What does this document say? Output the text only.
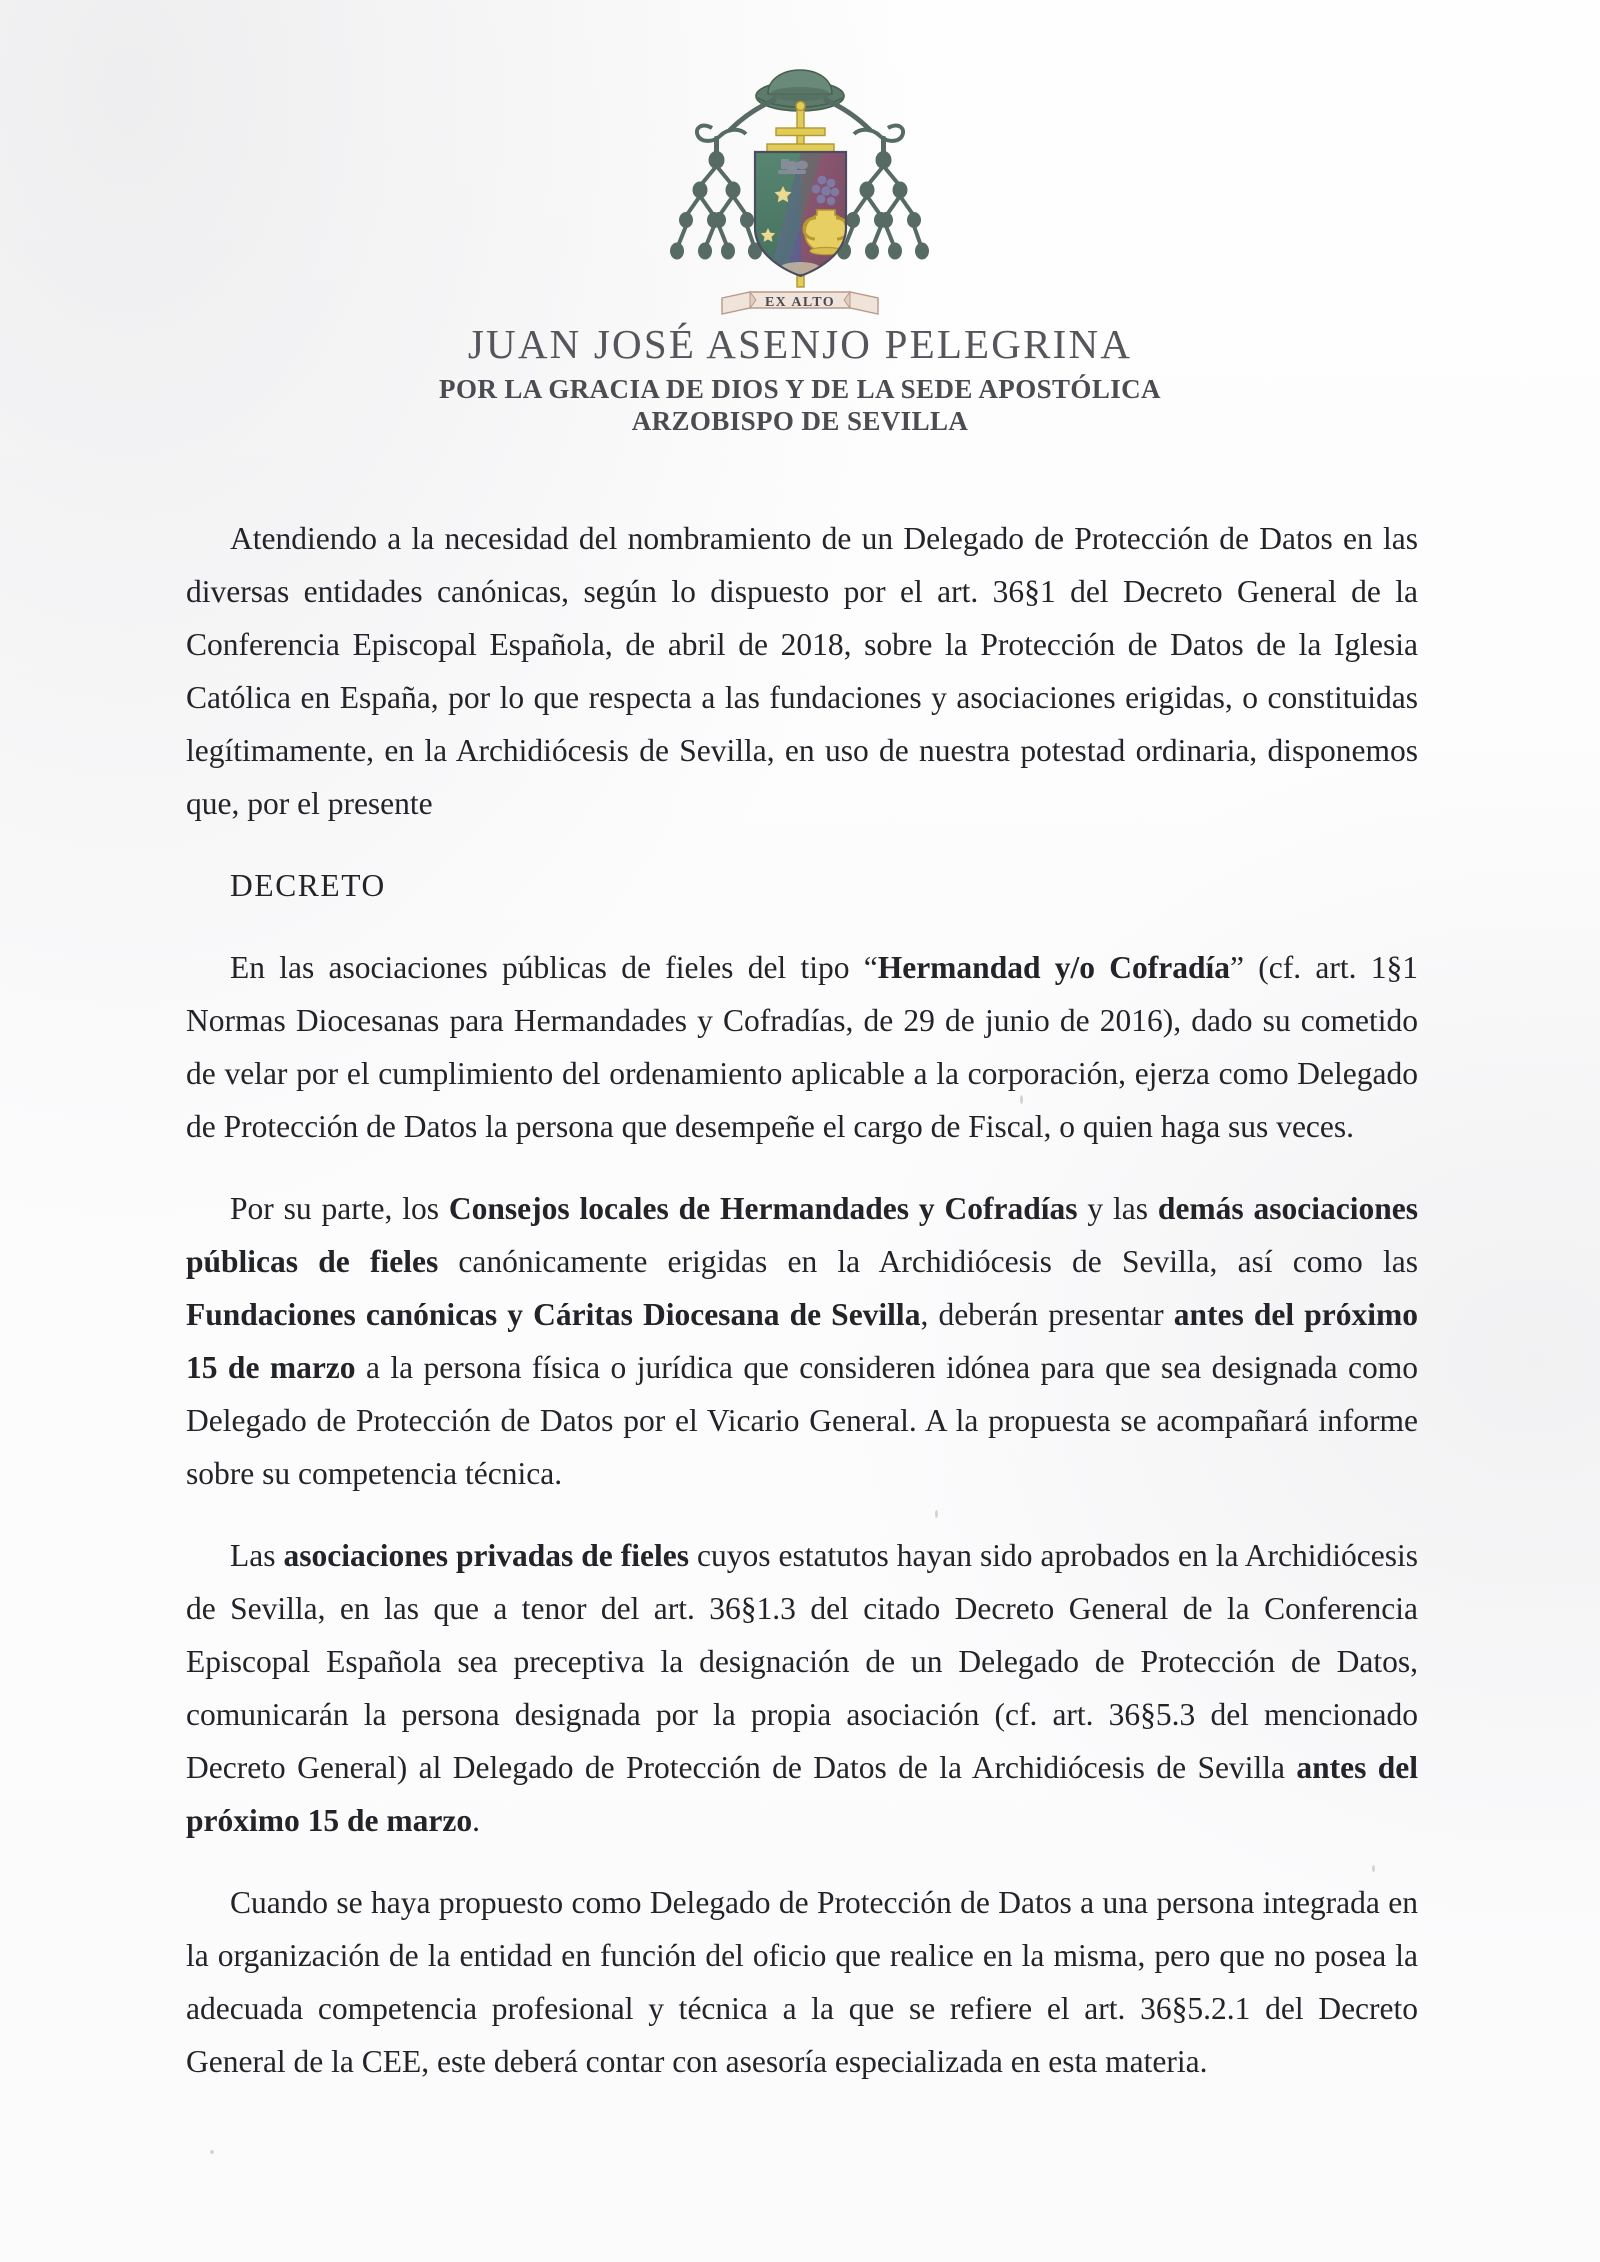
EX ALTO
JUAN JOSÉ ASENJO PELEGRINA
POR LA GRACIA DE DIOS Y DE LA SEDE APOSTÓLICA
ARZOBISPO DE SEVILLA

Atendiendo a la necesidad del nombramiento de un Delegado de Protección de Datos en las diversas entidades canónicas, según lo dispuesto por el art. 36§1 del Decreto General de la Conferencia Episcopal Española, de abril de 2018, sobre la Protección de Datos de la Iglesia Católica en España, por lo que respecta a las fundaciones y asociaciones erigidas, o constituidas legítimamente, en la Archidiócesis de Sevilla, en uso de nuestra potestad ordinaria, disponemos que, por el presente

DECRETO

En las asociaciones públicas de fieles del tipo “Hermandad y/o Cofradía” (cf. art. 1§1 Normas Diocesanas para Hermandades y Cofradías, de 29 de junio de 2016), dado su cometido de velar por el cumplimiento del ordenamiento aplicable a la corporación, ejerza como Delegado de Protección de Datos la persona que desempeñe el cargo de Fiscal, o quien haga sus veces.

Por su parte, los Consejos locales de Hermandades y Cofradías y las demás asociaciones públicas de fieles canónicamente erigidas en la Archidiócesis de Sevilla, así como las Fundaciones canónicas y Cáritas Diocesana de Sevilla, deberán presentar antes del próximo 15 de marzo a la persona física o jurídica que consideren idónea para que sea designada como Delegado de Protección de Datos por el Vicario General. A la propuesta se acompañará informe sobre su competencia técnica.

Las asociaciones privadas de fieles cuyos estatutos hayan sido aprobados en la Archidiócesis de Sevilla, en las que a tenor del art. 36§1.3 del citado Decreto General de la Conferencia Episcopal Española sea preceptiva la designación de un Delegado de Protección de Datos, comunicarán la persona designada por la propia asociación (cf. art. 36§5.3 del mencionado Decreto General) al Delegado de Protección de Datos de la Archidiócesis de Sevilla antes del próximo 15 de marzo.

Cuando se haya propuesto como Delegado de Protección de Datos a una persona integrada en la organización de la entidad en función del oficio que realice en la misma, pero que no posea la adecuada competencia profesional y técnica a la que se refiere el art. 36§5.2.1 del Decreto General de la CEE, este deberá contar con asesoría especializada en esta materia.
